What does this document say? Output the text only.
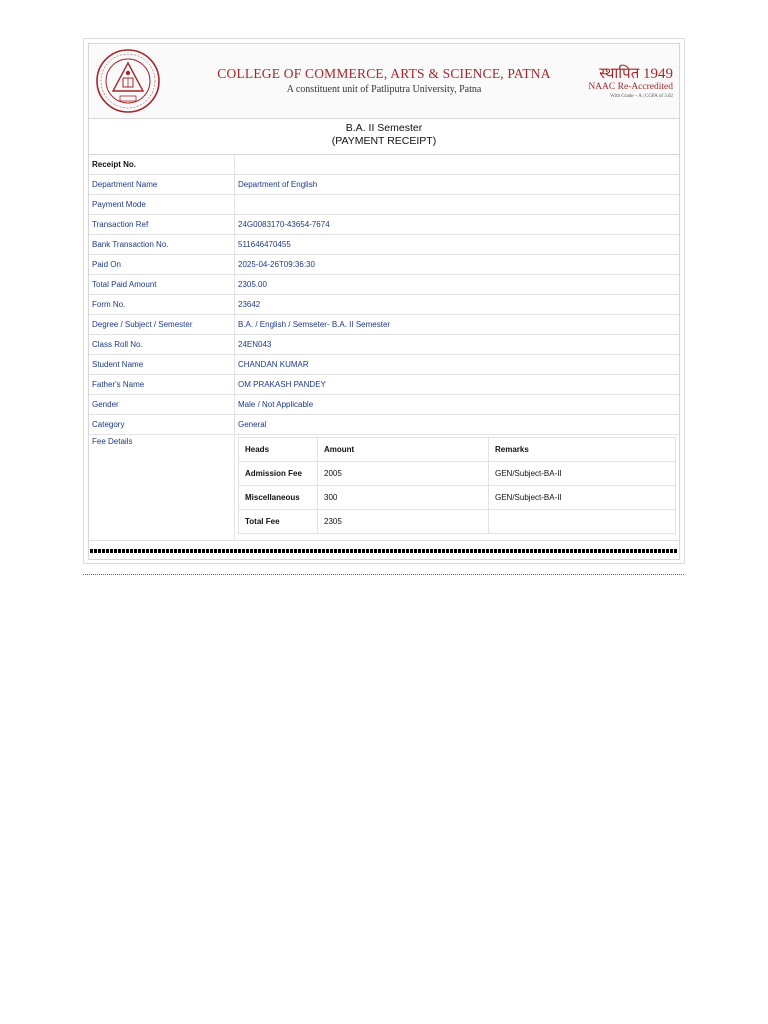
COLLEGE OF COMMERCE, ARTS & SCIENCE, PATNA
A constituent unit of Patliputra University, Patna
स्थापित 1949
NAAC Re-Accredited
With Grade – A | CGPA of 3.02
B.A. II Semester
(PAYMENT RECEIPT)
Receipt No.	
Department Name	Department of English
Payment Mode	
Transaction Ref	24G0083170-43654-7674
Bank Transaction No.	511646470455
Paid On	2025-04-26T09:36:30
Total Paid Amount	2305.00
Form No.	23642
Degree / Subject / Semester	B.A. / English / Semseter- B.A. II Semester
Class Roll No.	24EN043
Student Name	CHANDAN KUMAR
Father's Name	OM PRAKASH PANDEY
Gender	Male / Not Applicable
Category	General
Fee Details	
Heads	Amount	Remarks
Admission Fee	2005	GEN/Subject-BA-II
Miscellaneous	300	GEN/Subject-BA-II
Total Fee	2305	
